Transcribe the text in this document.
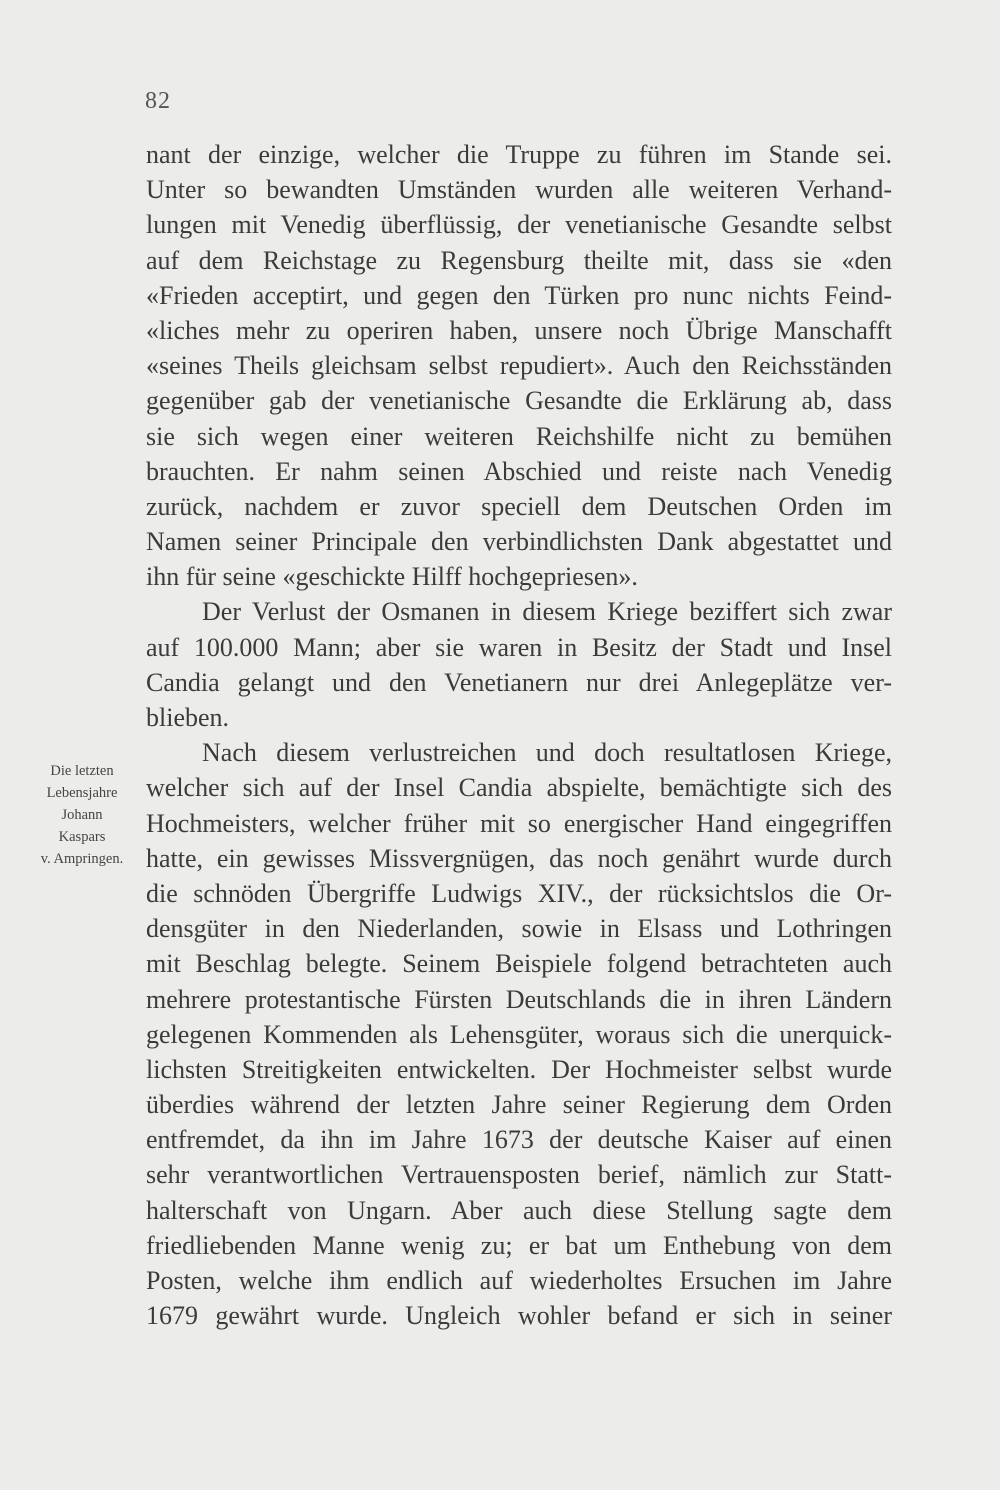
82
Die letzten
Lebensjahre
Johann
Kaspars
v. Ampringen.
nant der einzige, welcher die Truppe zu führen im Stande sei.
Unter so bewandten Umständen wurden alle weiteren Verhand-
lungen mit Venedig überflüssig, der venetianische Gesandte selbst
auf dem Reichstage zu Regensburg theilte mit, dass sie «den
«Frieden acceptirt, und gegen den Türken pro nunc nichts Feind-
«liches mehr zu operiren haben, unsere noch Übrige Manschafft
«seines Theils gleichsam selbst repudiert». Auch den Reichsständen
gegenüber gab der venetianische Gesandte die Erklärung ab, dass
sie sich wegen einer weiteren Reichshilfe nicht zu bemühen
brauchten. Er nahm seinen Abschied und reiste nach Venedig
zurück, nachdem er zuvor speciell dem Deutschen Orden im
Namen seiner Principale den verbindlichsten Dank abgestattet und
ihn für seine «geschickte Hilff hochgepriesen».
Der Verlust der Osmanen in diesem Kriege beziffert sich zwar
auf 100.000 Mann; aber sie waren in Besitz der Stadt und Insel
Candia gelangt und den Venetianern nur drei Anlegeplätze ver-
blieben.
Nach diesem verlustreichen und doch resultatlosen Kriege,
welcher sich auf der Insel Candia abspielte, bemächtigte sich des
Hochmeisters, welcher früher mit so energischer Hand eingegriffen
hatte, ein gewisses Missvergnügen, das noch genährt wurde durch
die schnöden Übergriffe Ludwigs XIV., der rücksichtslos die Or-
densgüter in den Niederlanden, sowie in Elsass und Lothringen
mit Beschlag belegte. Seinem Beispiele folgend betrachteten auch
mehrere protestantische Fürsten Deutschlands die in ihren Ländern
gelegenen Kommenden als Lehensgüter, woraus sich die unerquick-
lichsten Streitigkeiten entwickelten. Der Hochmeister selbst wurde
überdies während der letzten Jahre seiner Regierung dem Orden
entfremdet, da ihn im Jahre 1673 der deutsche Kaiser auf einen
sehr verantwortlichen Vertrauensposten berief, nämlich zur Statt-
halterschaft von Ungarn. Aber auch diese Stellung sagte dem
friedliebenden Manne wenig zu; er bat um Enthebung von dem
Posten, welche ihm endlich auf wiederholtes Ersuchen im Jahre
1679 gewährt wurde. Ungleich wohler befand er sich in seiner
